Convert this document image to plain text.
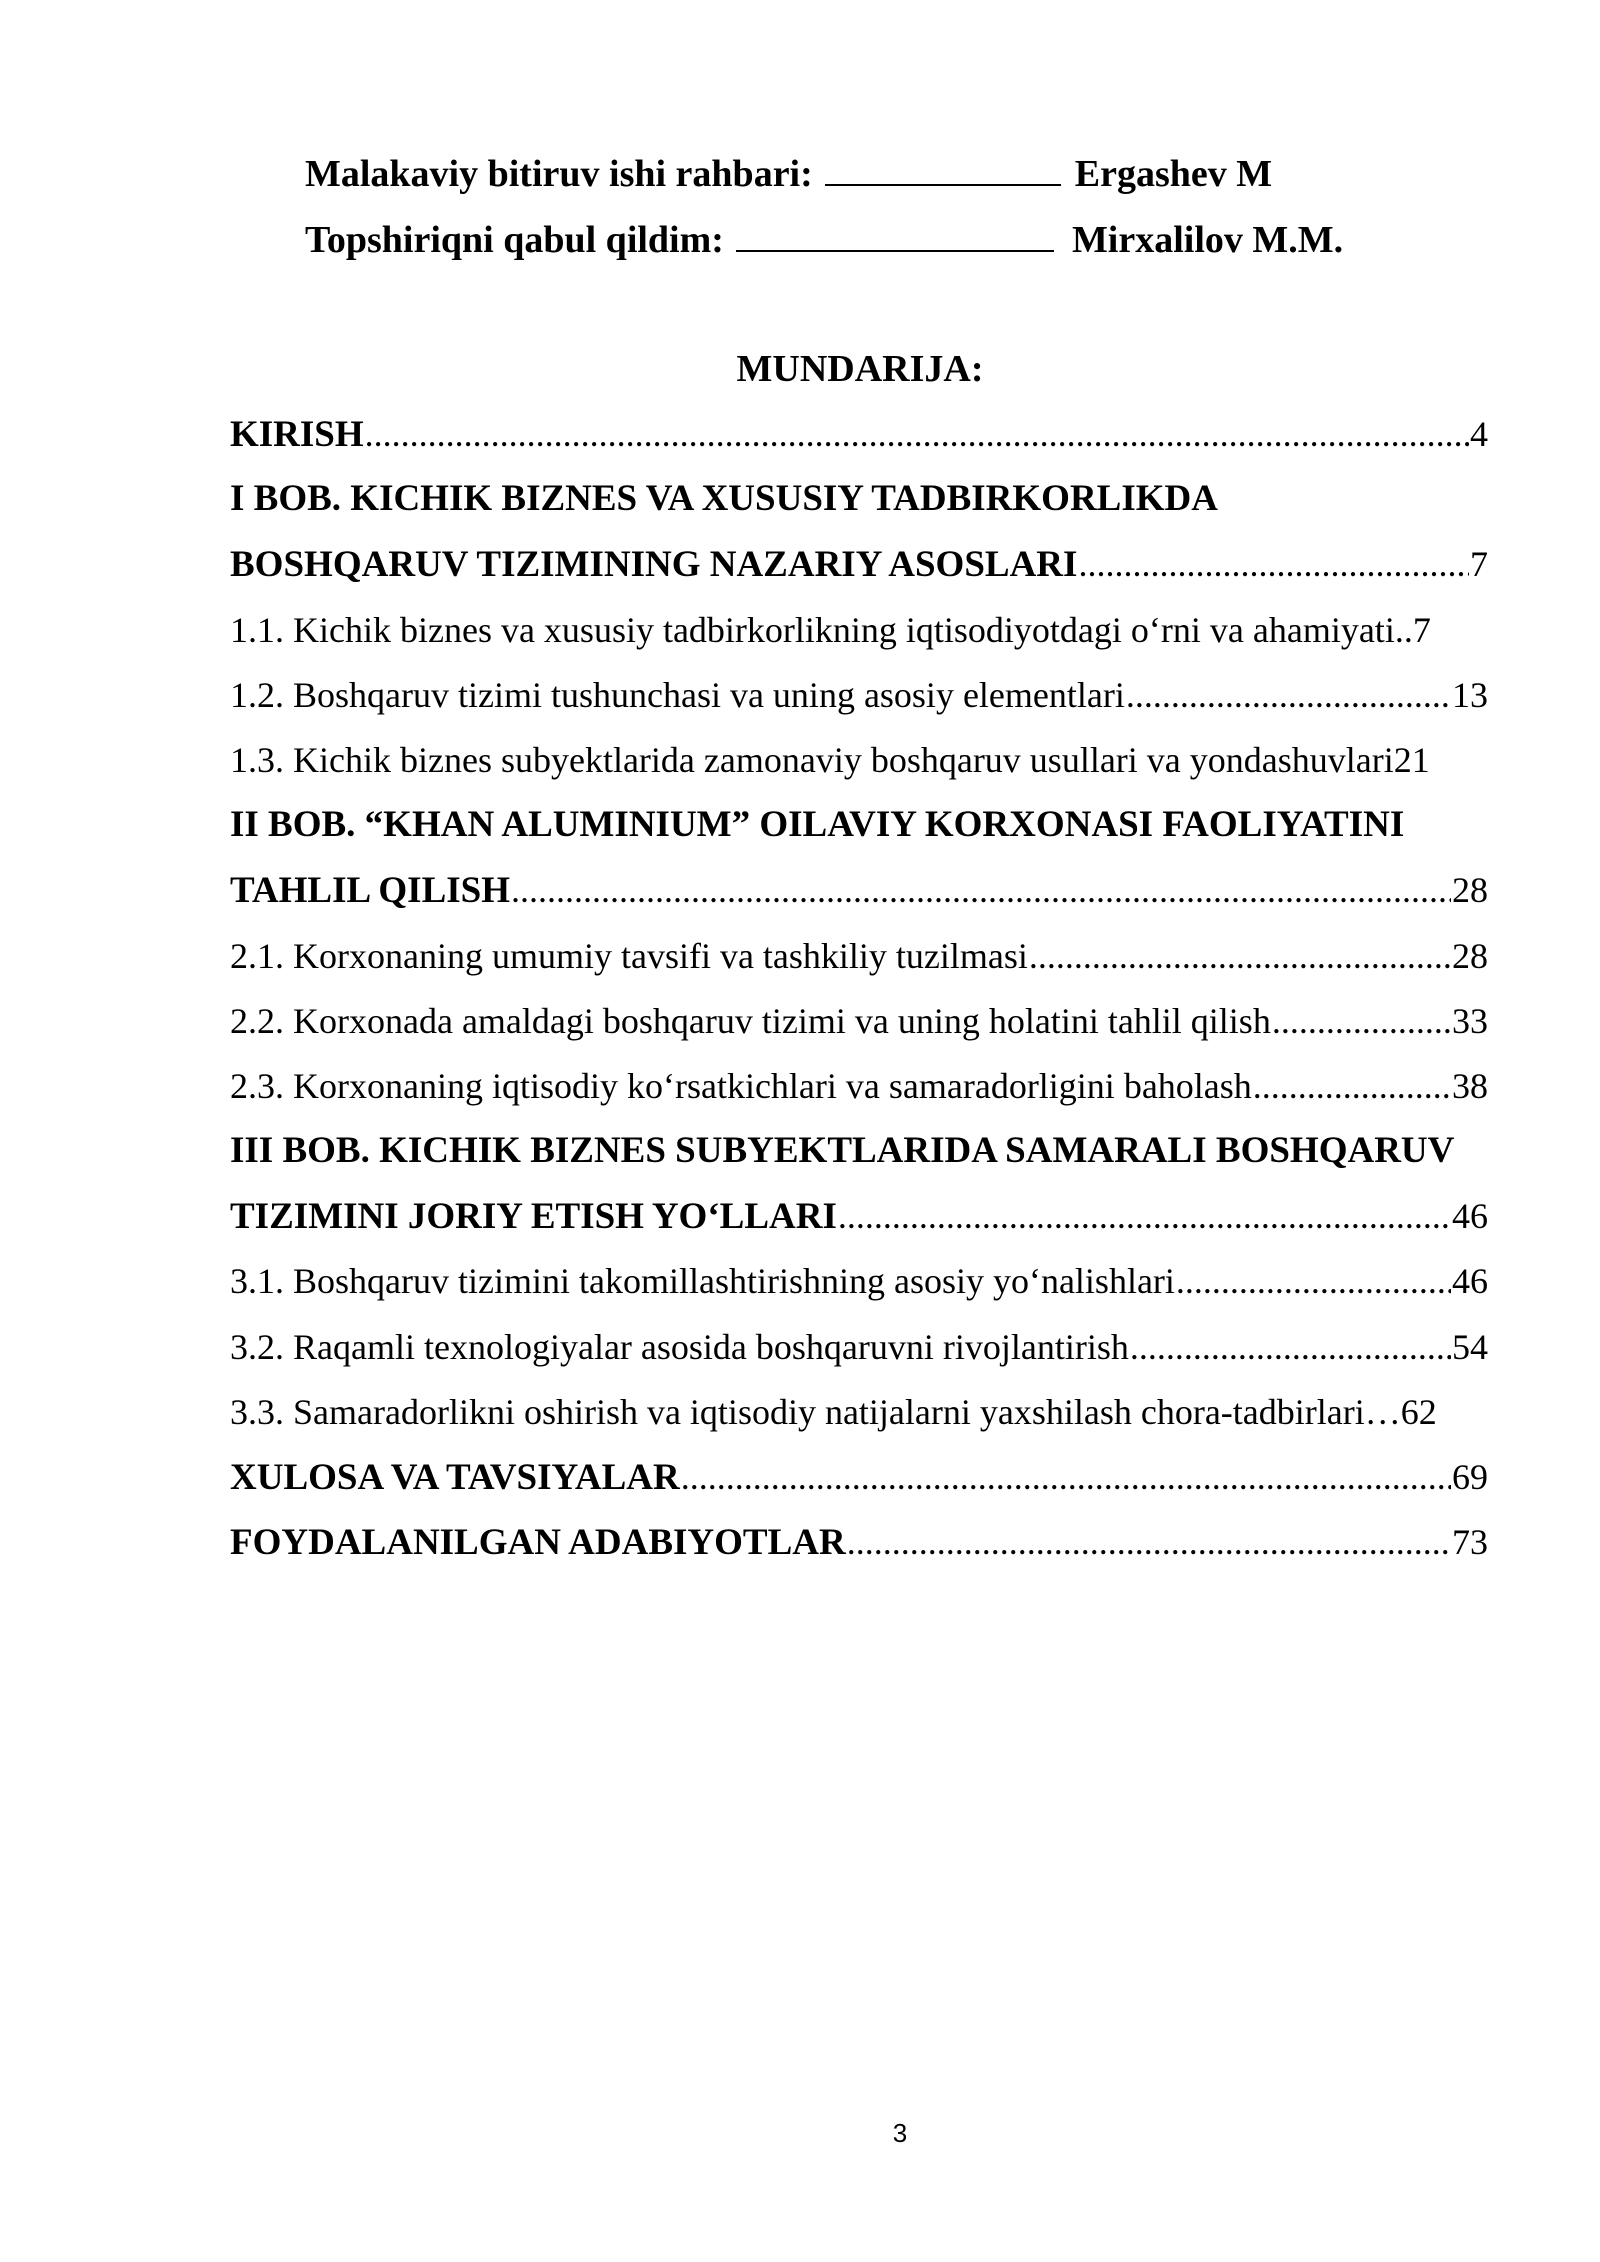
Malakaviy bitiruv ishi rahbari:	Ergashev M
Topshiriqni qabul qildim:	Mirxalilov M.M.
MUNDARIJA:
KIRISH .....	4
I BOB. KICHIK BIZNES VA XUSUSIY TADBIRKORLIKDA
BOSHQARUV TIZIMINING NAZARIY ASOSLARI .....	7
1.1. Kichik biznes va xususiy tadbirkorlikning iqtisodiyotdagi o‘rni va ahamiyati.. 7
1.2. Boshqaruv tizimi tushunchasi va uning asosiy elementlari .....	13
1.3. Kichik biznes subyektlarida zamonaviy boshqaruv usullari va yondashuvlari 21
II BOB. “KHAN ALUMINIUM” OILAVIY KORXONASI FAOLIYATINI
TAHLIL QILISH .....	28
2.1. Korxonaning umumiy tavsifi va tashkiliy tuzilmasi .....	28
2.2. Korxonada amaldagi boshqaruv tizimi va uning holatini tahlil qilish .....	33
2.3. Korxonaning iqtisodiy ko‘rsatkichlari va samaradorligini baholash .....	38
III BOB. KICHIK BIZNES SUBYEKTLARIDA SAMARALI BOSHQARUV
TIZIMINI JORIY ETISH YO‘LLARI .....	46
3.1. Boshqaruv tizimini takomillashtirishning asosiy yo‘nalishlari .....	46
3.2. Raqamli texnologiyalar asosida boshqaruvni rivojlantirish .....	54
3.3. Samaradorlikni oshirish va iqtisodiy natijalarni yaxshilash chora-tadbirlari… 62
XULOSA VA TAVSIYALAR .....	69
FOYDALANILGAN ADABIYOTLAR .....	73
3
